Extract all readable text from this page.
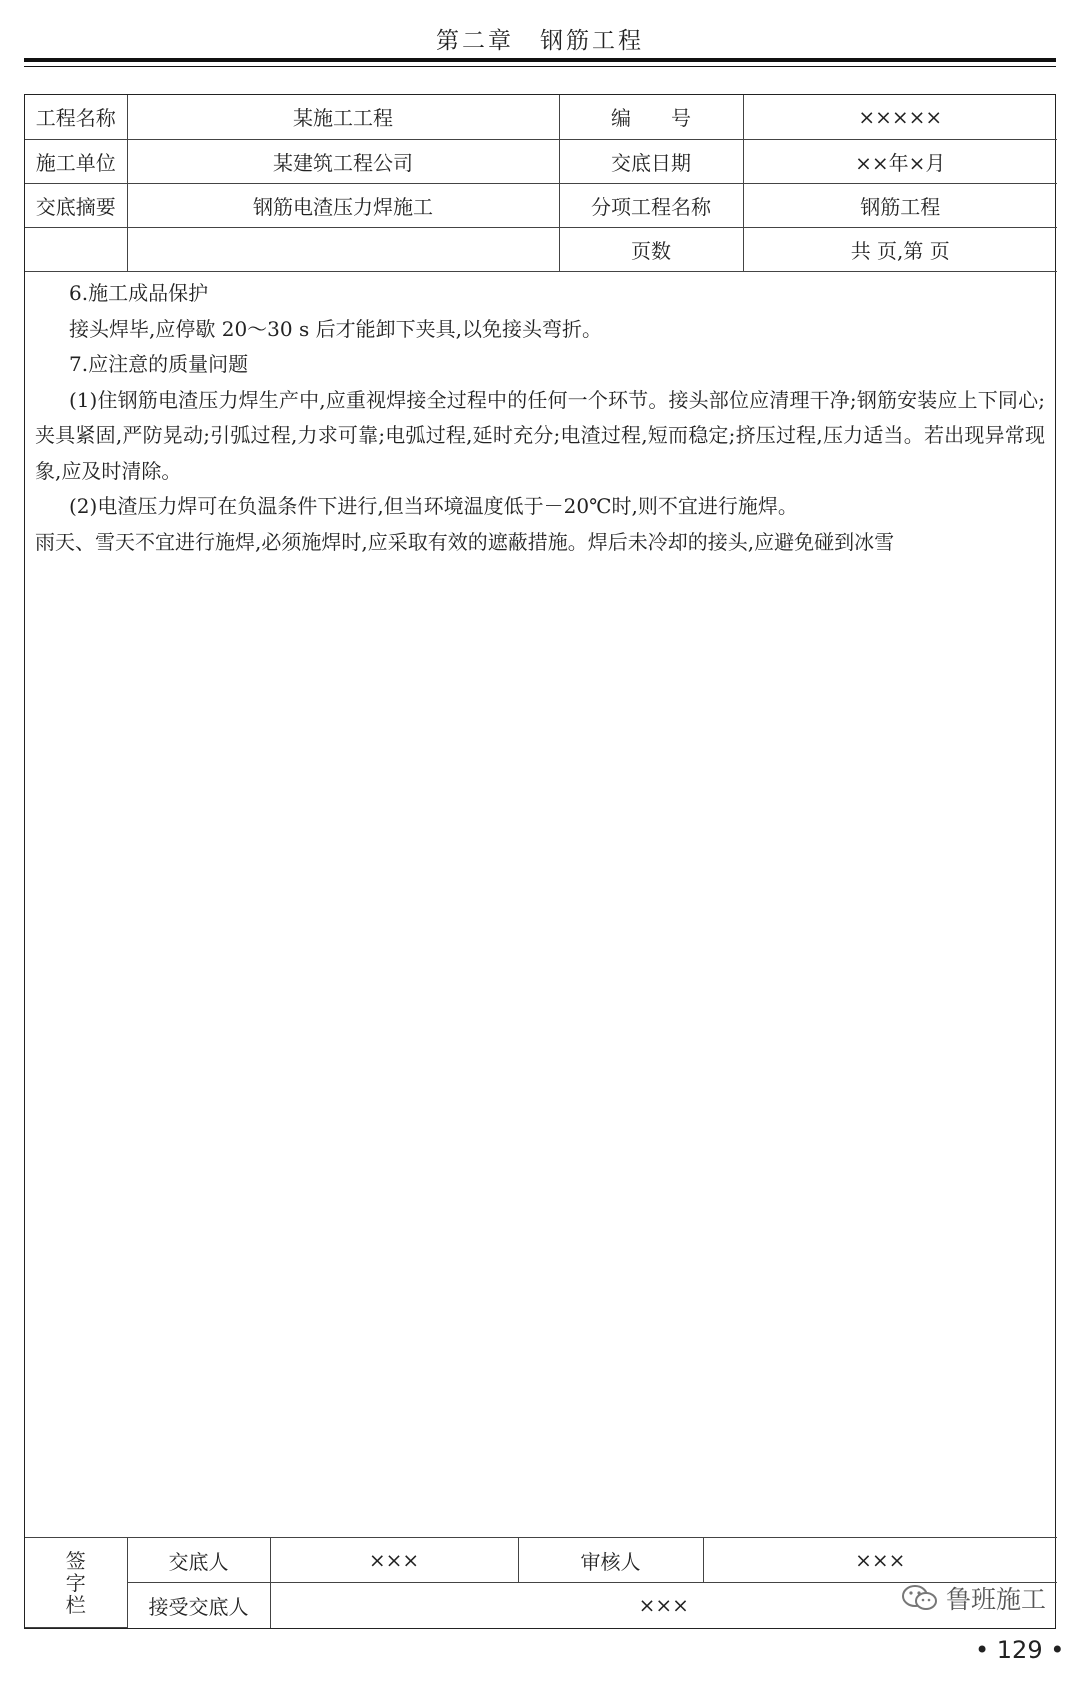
第二章　钢筋工程
工程名称	某施工工程	编　　号	×××××
施工单位	某建筑工程公司	交底日期	××年×月
交底摘要	钢筋电渣压力焊施工	分项工程名称	钢筋工程
		页数	共 页,第 页

6.施工成品保护

接头焊毕,应停歇 20～30 s 后才能卸下夹具,以免接头弯折。

7.应注意的质量问题

(1)住钢筋电渣压力焊生产中,应重视焊接全过程中的任何一个环节。接头部位应清理干净;钢筋安装应上下同心;夹具紧固,严防晃动;引弧过程,力求可靠;电弧过程,延时充分;电渣过程,短而稳定;挤压过程,压力适当。若出现异常现象,应及时清除。

(2)电渣压力焊可在负温条件下进行,但当环境温度低于－20℃时,则不宜进行施焊。

雨天、雪天不宜进行施焊,必须施焊时,应采取有效的遮蔽措施。焊后未冷却的接头,应避免碰到冰雪

签
字
栏	交底人	×××	审核人	×××
	接受交底人	×××			鲁班施工
• 129 •
